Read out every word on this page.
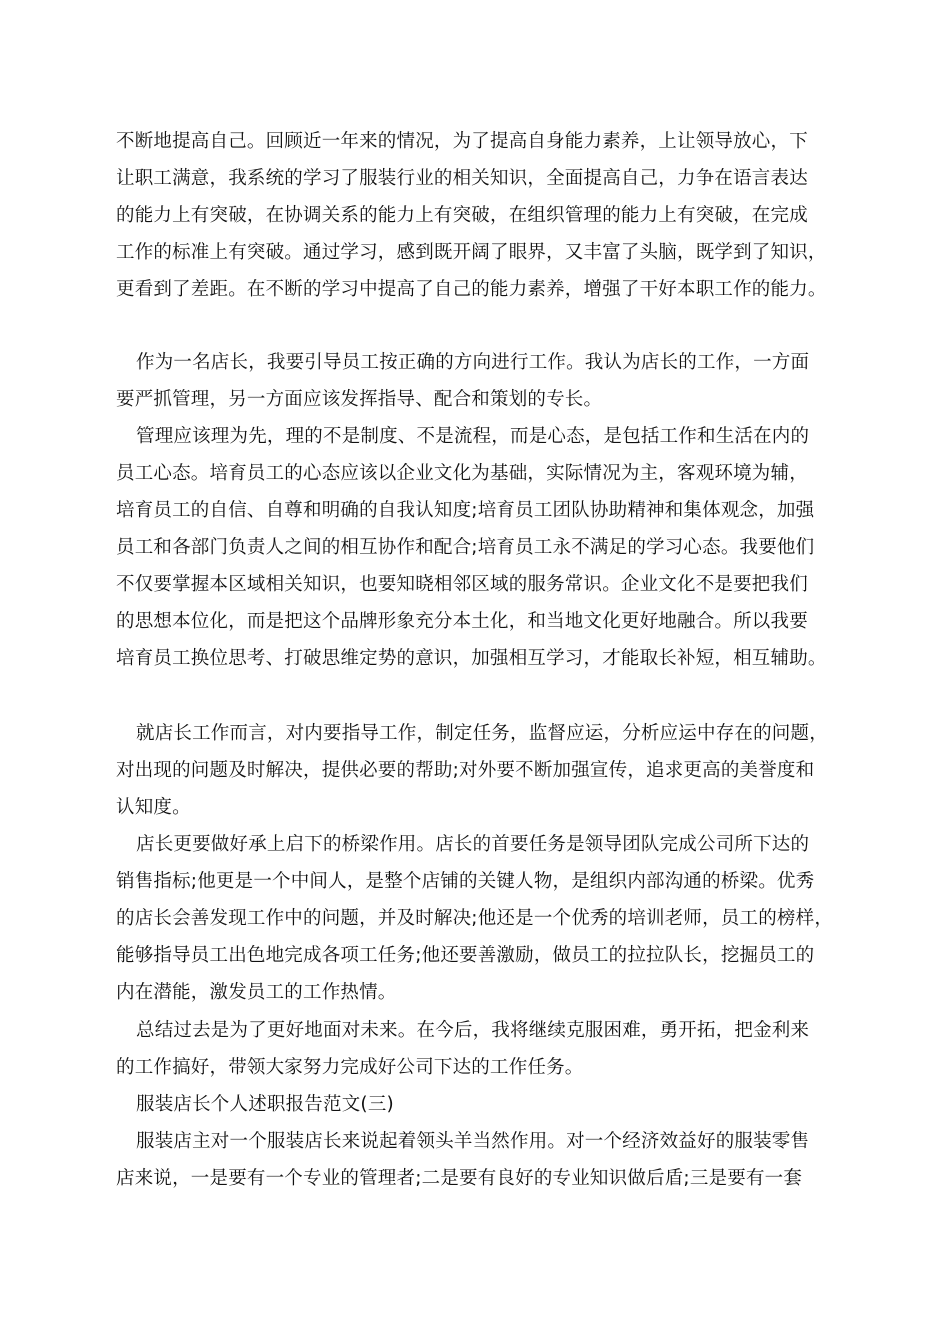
不断地提高自己。回顾近一年来的情况，为了提高自身能力素养，上让领导放心，下
让职工满意，我系统的学习了服装行业的相关知识，全面提高自己，力争在语言表达
的能力上有突破，在协调关系的能力上有突破，在组织管理的能力上有突破，在完成
工作的标准上有突破。通过学习，感到既开阔了眼界，又丰富了头脑，既学到了知识，
更看到了差距。在不断的学习中提高了自己的能力素养，增强了干好本职工作的能力。
作为一名店长，我要引导员工按正确的方向进行工作。我认为店长的工作，一方面
要严抓管理，另一方面应该发挥指导、配合和策划的专长。
管理应该理为先，理的不是制度、不是流程，而是心态，是包括工作和生活在内的
员工心态。培育员工的心态应该以企业文化为基础，实际情况为主，客观环境为辅，
培育员工的自信、自尊和明确的自我认知度;培育员工团队协助精神和集体观念，加强
员工和各部门负责人之间的相互协作和配合;培育员工永不满足的学习心态。我要他们
不仅要掌握本区域相关知识，也要知晓相邻区域的服务常识。企业文化不是要把我们
的思想本位化，而是把这个品牌形象充分本土化，和当地文化更好地融合。所以我要
培育员工换位思考、打破思维定势的意识，加强相互学习，才能取长补短，相互辅助。
就店长工作而言，对内要指导工作，制定任务，监督应运，分析应运中存在的问题，
对出现的问题及时解决，提供必要的帮助;对外要不断加强宣传，追求更高的美誉度和
认知度。
店长更要做好承上启下的桥梁作用。店长的首要任务是领导团队完成公司所下达的
销售指标;他更是一个中间人，是整个店铺的关键人物，是组织内部沟通的桥梁。优秀
的店长会善发现工作中的问题，并及时解决;他还是一个优秀的培训老师，员工的榜样，
能够指导员工出色地完成各项工任务;他还要善激励，做员工的拉拉队长，挖掘员工的
内在潜能，激发员工的工作热情。
总结过去是为了更好地面对未来。在今后，我将继续克服困难，勇开拓，把金利来
的工作搞好，带领大家努力完成好公司下达的工作任务。
服装店长个人述职报告范文(三)
服装店主对一个服装店长来说起着领头羊当然作用。对一个经济效益好的服装零售
店来说，一是要有一个专业的管理者;二是要有良好的专业知识做后盾;三是要有一套
